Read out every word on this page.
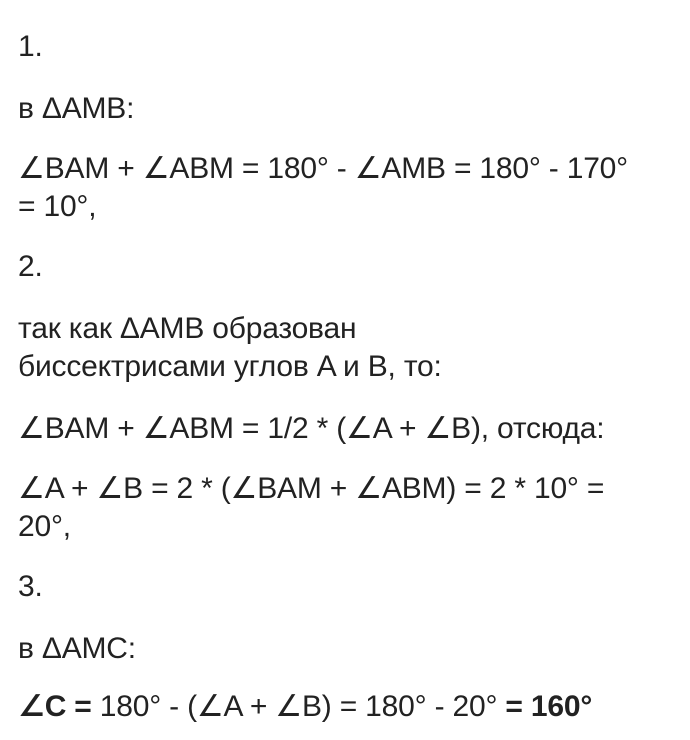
1.
в ΔAMB:
∠BAM + ∠ABM = 180° - ∠AMB = 180° - 170°
= 10°,
2.
так как ΔAMB образован
биссектрисами углов A и B, то:
∠BAM + ∠ABM = 1/2 * (∠A + ∠B), отсюда:
∠A + ∠B = 2 * (∠BAM + ∠ABM) = 2 * 10° =
20°,
3.
в ΔAMC:
∠C = 180° - (∠A + ∠B) = 180° - 20° = 160°
